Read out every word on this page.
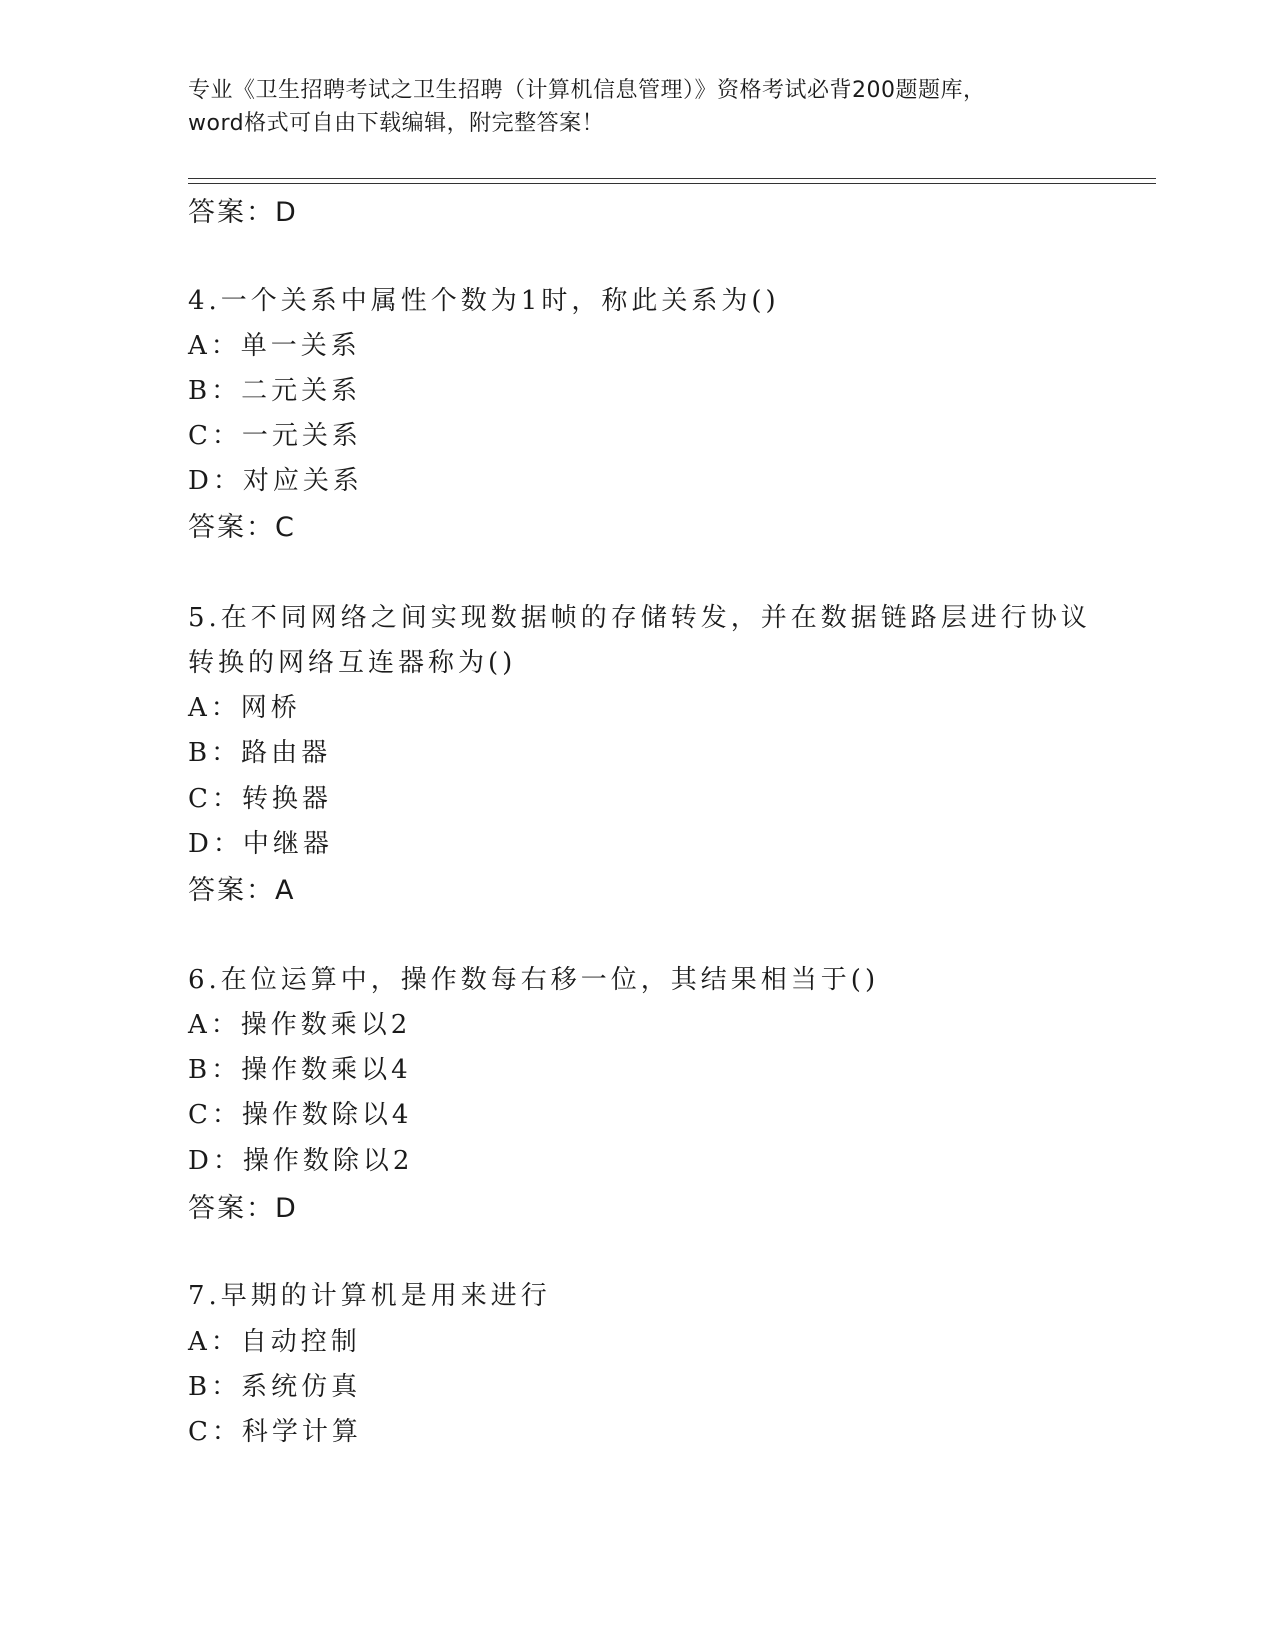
专业《卫生招聘考试之卫生招聘（计算机信息管理）》资格考试必背200题题库，
word格式可自由下载编辑，附完整答案！
答案：D
4.一个关系中属性个数为1时，称此关系为()
A：单一关系
B：二元关系
C：一元关系
D：对应关系
答案：C
5.在不同网络之间实现数据帧的存储转发，并在数据链路层进行协议
转换的网络互连器称为()
A：网桥
B：路由器
C：转换器
D：中继器
答案：A
6.在位运算中，操作数每右移一位，其结果相当于()
A：操作数乘以2
B：操作数乘以4
C：操作数除以4
D：操作数除以2
答案：D
7.早期的计算机是用来进行
A：自动控制
B：系统仿真
C：科学计算
